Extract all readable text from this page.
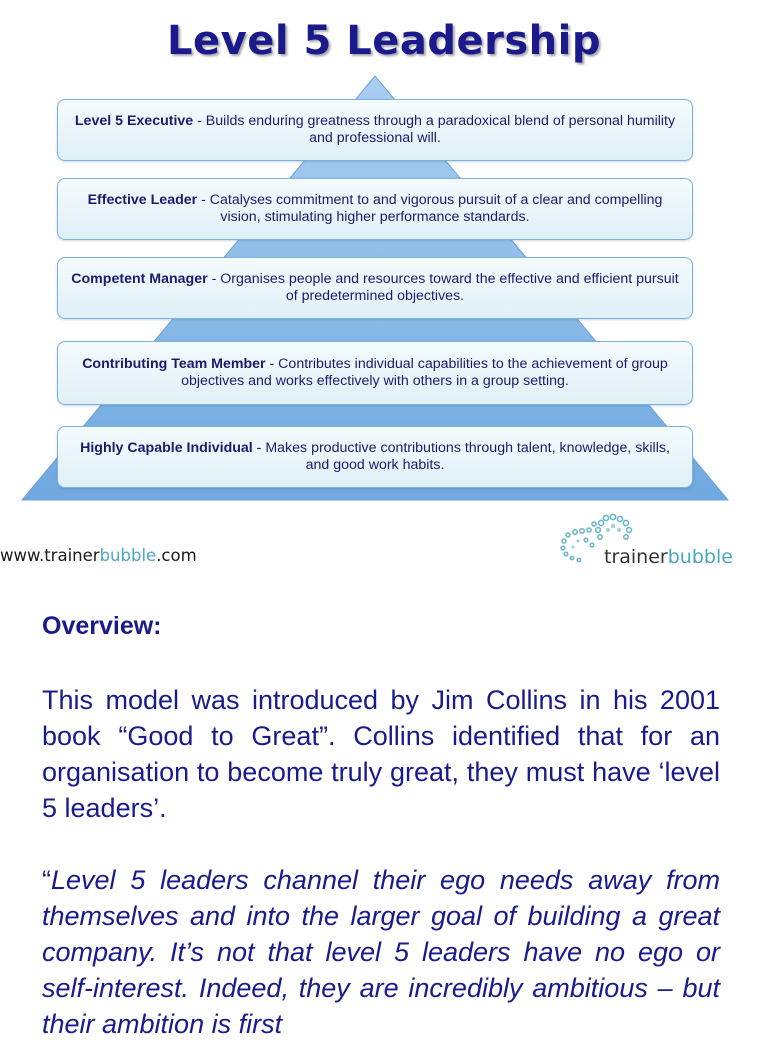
Level 5 Leadership
Level 5 Executive - Builds enduring greatness through a paradoxical blend of personal humility and professional will.
Effective Leader - Catalyses commitment to and vigorous pursuit of a clear and compelling vision, stimulating higher performance standards.
Competent Manager - Organises people and resources toward the effective and efficient pursuit of predetermined objectives.
Contributing Team Member - Contributes individual capabilities to the achievement of group objectives and works effectively with others in a group setting.
Highly Capable Individual - Makes productive contributions through talent, knowledge, skills, and good work habits.
www.trainerbubble.com	trainerbubble
Overview:
This model was introduced by Jim Collins in his 2001 book “Good to Great”. Collins identified that for an organisation to become truly great, they must have ‘level 5 leaders’.
“Level 5 leaders channel their ego needs away from themselves and into the larger goal of building a great company. It’s not that level 5 leaders have no ego or self-interest. Indeed, they are incredibly ambitious – but their ambition is first
